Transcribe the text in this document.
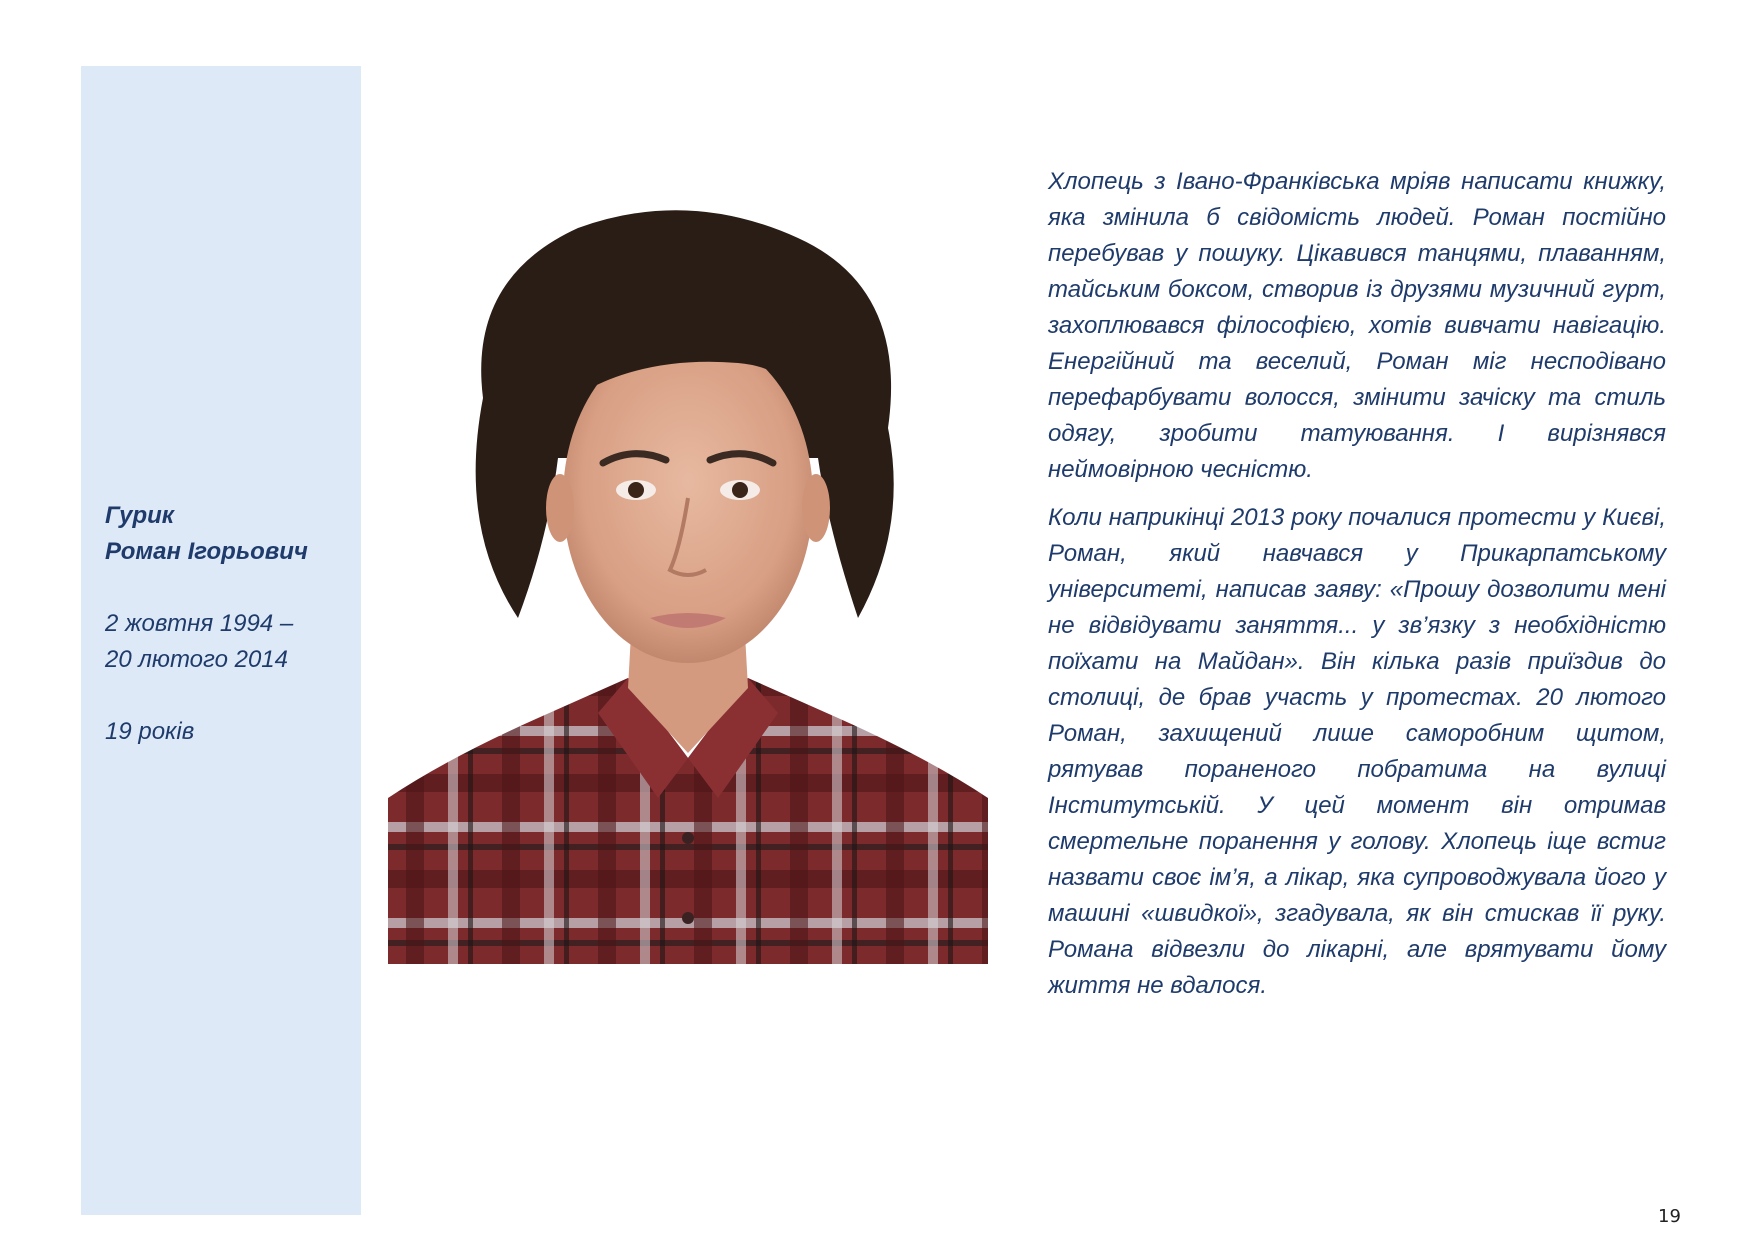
Гурик
Роман Ігорьович
2 жовтня 1994 –
20 лютого 2014
19 років

Хлопець з Івано-Франківська мріяв написати книжку, яка змінила б свідомість людей. Роман постійно перебував у пошуку. Цікавився танцями, плаванням, тайським боксом, створив із друзями музичний гурт, захоплювався філософією, хотів вивчати навігацію. Енергійний та веселий, Роман міг несподівано перефарбувати волосся, змінити зачіску та стиль одягу, зробити татуювання. І вирізнявся неймовірною чесністю.

Коли наприкінці 2013 року почалися протести у Києві, Роман, який навчався у Прикарпатському університеті, написав заяву: «Прошу дозволити мені не відвідувати заняття... у зв’язку з необхідністю поїхати на Майдан». Він кілька разів приїздив до столиці, де брав участь у протестах. 20 лютого Роман, захищений лише саморобним щитом, рятував пораненого побратима на вулиці Інститутській. У цей момент він отримав смертельне поранення у голову. Хлопець іще встиг назвати своє ім’я, а лікар, яка супроводжувала його у машині «швидкої», згадувала, як він стискав її руку. Романа відвезли до лікарні, але врятувати йому життя не вдалося.

19
